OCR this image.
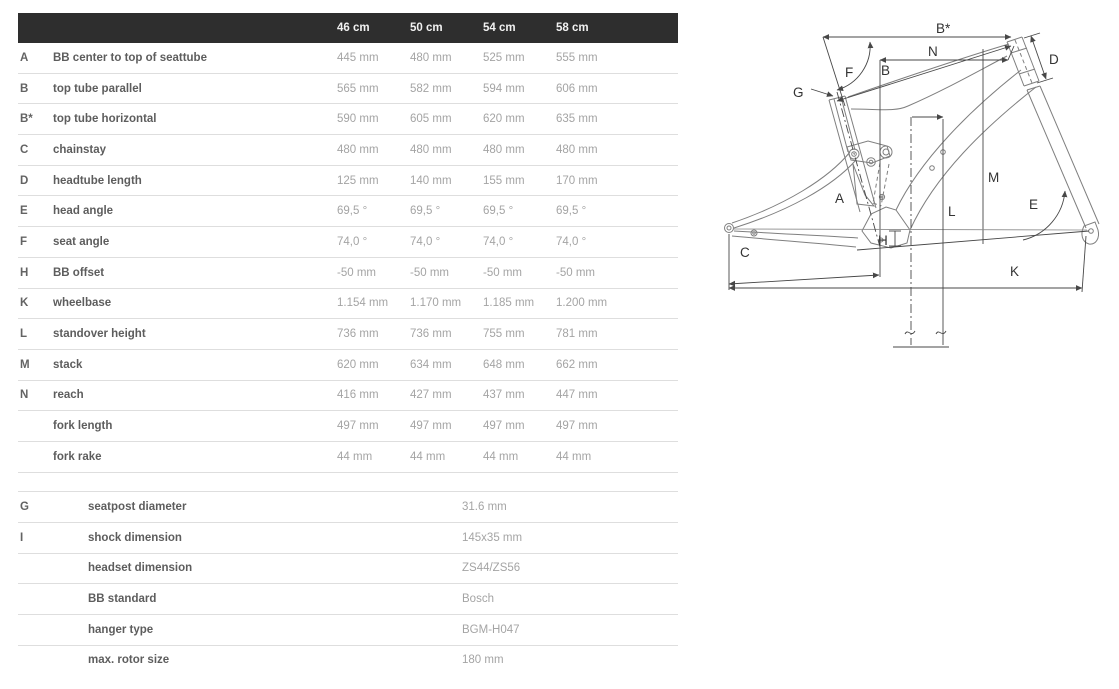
46 cm	50 cm	54 cm	58 cm
A	BB center to top of seattube	445 mm	480 mm	525 mm	555 mm
B	top tube parallel	565 mm	582 mm	594 mm	606 mm
B*	top tube horizontal	590 mm	605 mm	620 mm	635 mm
C	chainstay	480 mm	480 mm	480 mm	480 mm
D	headtube length	125 mm	140 mm	155 mm	170 mm
E	head angle	69,5 °	69,5 °	69,5 °	69,5 °
F	seat angle	74,0 °	74,0 °	74,0 °	74,0 °
H	BB offset	-50 mm	-50 mm	-50 mm	-50 mm
K	wheelbase	1.154 mm	1.170 mm	1.185 mm	1.200 mm
L	standover height	736 mm	736 mm	755 mm	781 mm
M	stack	620 mm	634 mm	648 mm	662 mm
N	reach	416 mm	427 mm	437 mm	447 mm
fork length	497 mm	497 mm	497 mm	497 mm
fork rake	44 mm	44 mm	44 mm	44 mm
G	seatpost diameter	31.6 mm
I	shock dimension	145x35 mm
headset dimension	ZS44/ZS56
BB standard	Bosch
hanger type	BGM-H047
max. rotor size	180 mm
B*
N
B
F
G
D
A
M
L	E
H
C
K
